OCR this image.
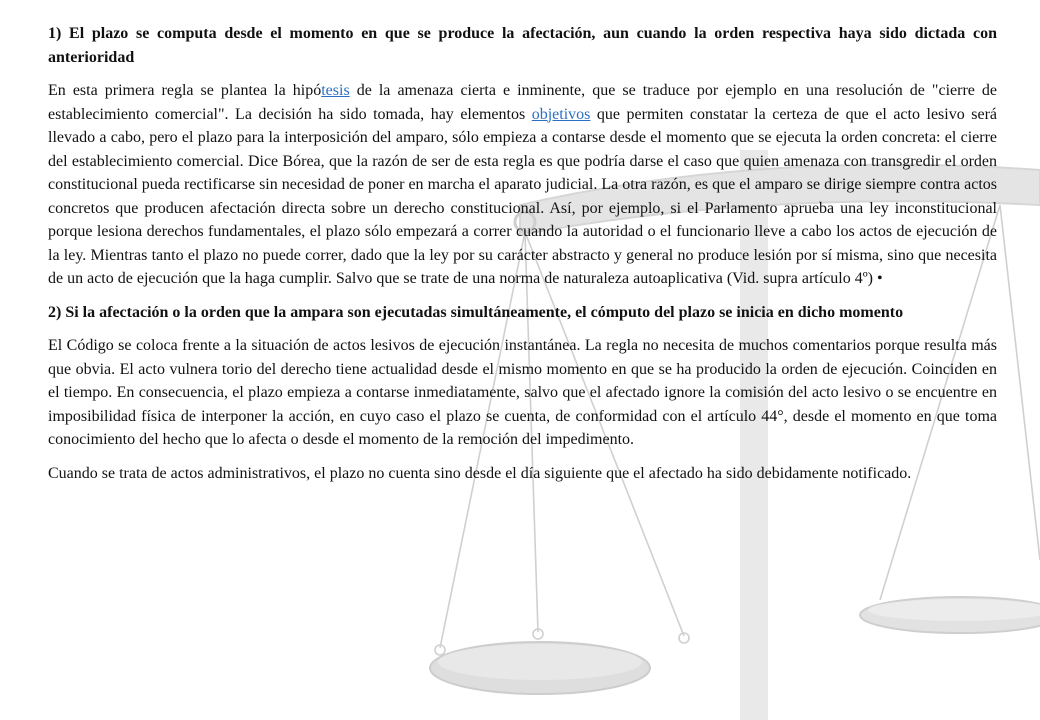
1) El plazo se computa desde el momento en que se produce la afectación, aun cuando la orden respectiva haya sido dictada con anterioridad

En esta primera regla se plantea la hipótesis de la amenaza cierta e inminente, que se traduce por ejemplo en una resolución de "cierre de establecimiento comercial". La decisión ha sido tomada, hay elementos objetivos que permiten constatar la certeza de que el acto lesivo será llevado a cabo, pero el plazo para la interposición del amparo, sólo empieza a contarse desde el momento que se ejecuta la orden concreta: el cierre del establecimiento comercial. Dice Bórea, que la razón de ser de esta regla es que podría darse el caso que quien amenaza con transgredir el orden constitucional pueda rectificarse sin necesidad de poner en marcha el aparato judicial. La otra razón, es que el amparo se dirige siempre contra actos concretos que producen afectación directa sobre un derecho constitucional. Así, por ejemplo, si el Parlamento aprueba una ley inconstitucional porque lesiona derechos fundamentales, el plazo sólo empezará a correr cuando la autoridad o el funcionario lleve a cabo los actos de ejecución de la ley. Mientras tanto el plazo no puede correr, dado que la ley por su carácter abstracto y general no produce lesión por sí misma, sino que necesita de un acto de ejecución que la haga cumplir. Salvo que se trate de una norma de naturaleza autoaplicativa (Vid. supra artículo 4º) •

2) Si la afectación o la orden que la ampara son ejecutadas simultáneamente, el cómputo del plazo se inicia en dicho momento

El Código se coloca frente a la situación de actos lesivos de ejecución instantánea. La regla no necesita de muchos comentarios porque resulta más que obvia. El acto vulnera torio del derecho tiene actualidad desde el mismo momento en que se ha producido la orden de ejecución. Coinciden en el tiempo. En consecuencia, el plazo empieza a contarse inmediatamente, salvo que el afectado ignore la comisión del acto lesivo o se encuentre en imposibilidad física de interponer la acción, en cuyo caso el plazo se cuenta, de conformidad con el artículo 44°, desde el momento en que toma conocimiento del hecho que lo afecta o desde el momento de la remoción del impedimento.

Cuando se trata de actos administrativos, el plazo no cuenta sino desde el día siguiente que el afectado ha sido debidamente notificado.
